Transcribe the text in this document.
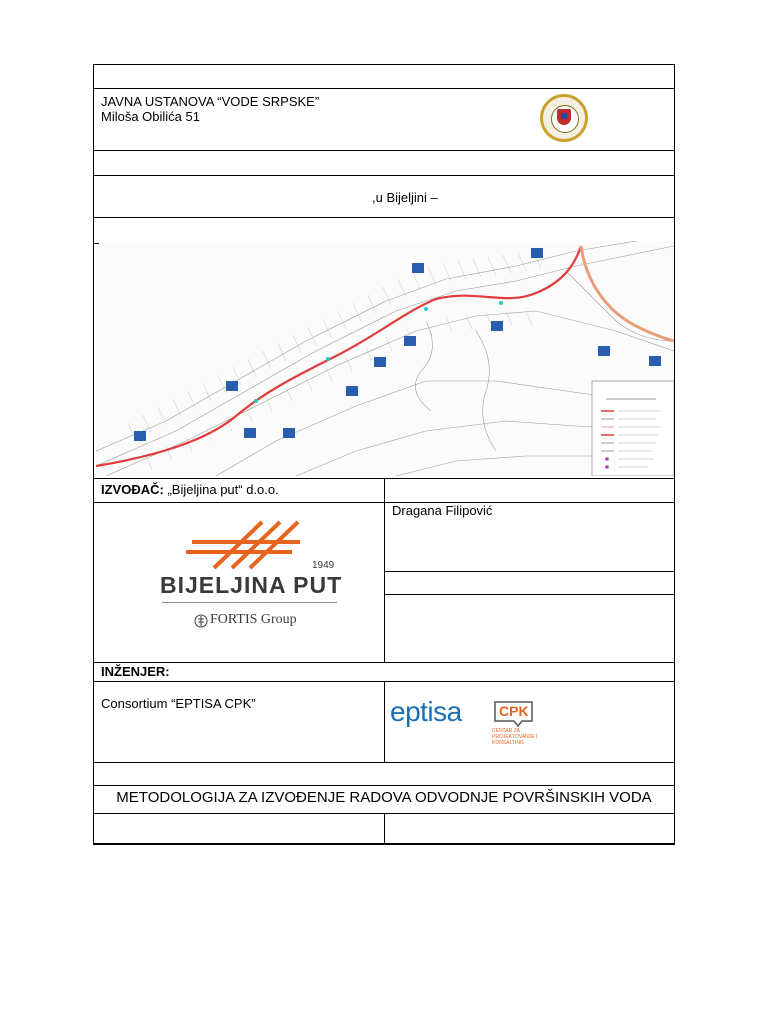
JAVNA USTANOVA “VODE SRPSKE”
Miloša Obilića 51
,u Bijeljini –
IZVOĐAČ: „Bijeljina put“ d.o.o.
Dragana Filipović
1949
BIJELJINA PUT
FORTIS Group
INŽENJER:
Consortium “EPTISA CPK”	eptisa	CPK
CENTAR ZA PROJEKTOVANJE I KONSALTING
METODOLOGIJA ZA IZVOĐENJE RADOVA ODVODNJE POVRŠINSKIH VODA
